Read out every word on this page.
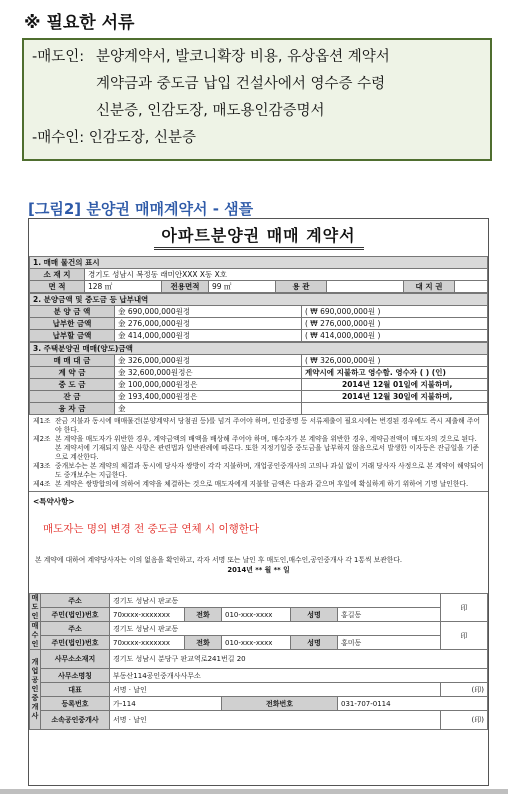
※ 필요한 서류
-매도인: 분양계약서, 발코니확장 비용, 유상옵션 계약서
계약금과 중도금 납입 건설사에서 영수증 수령
신분증, 인감도장, 매도용인감증명서
-매수인:
인감도장, 신분증
[그림2] 분양권 매매계약서 - 샘플
아파트분양권 매매 계약서
1. 매매 물건의 표시							
소 재 지	경기도 성남시 복정동 래미안XXX X동 X호						
면 적	128 ㎡	전용면적	99 ㎡	용 관		대 지 권	
2. 분양금액 및 중도금 등 납부내역		
분 양 금 액	金 690,000,000원정	( ₩ 690,000,000원 )
납부한 금액	金 276,000,000원정	( ₩ 276,000,000원 )
납부할 금액	金 414,000,000원정	( ₩ 414,000,000원 )
3. 주택분양권 매매(양도)금액		
매 매 대 금	金 326,000,000원정	( ₩ 326,000,000원 )
계 약 금	金 32,600,000원정은	계약시에 지불하고 영수함. 영수자 ( ) (인)
중 도 금	金 100,000,000원정은	2014년 12월 01일에 지불하며,
잔 금	金 193,400,000원정은	2014년 12월 30일에 지불하며,
융 자 금	金	
제1조 잔금 지불과 동시에 매매물건(분양계약서 당첨권 등)를 넘겨 주어야 하며, 인감증명 등 서류제출이 필요시에는 번경된 경우에도 즉시 제출해 주어야 한다.
제2조 본 계약을 매도자가 위반한 경우, 계약금액의 배액을 배상해 주어야 하며, 매수자가 본 계약을 위반한 경우, 계약금전액이 매도자의 것으로 된다. 본 계약서에 기재되지 않은 사항은 관련법과 일반관례에 따른다. 또한 지정기일중 중도금을 납부하지 않음으로서 발생한 이자등은 잔금일을 기준으로 계산한다.
제3조 중개보수는 본 계약의 체결과 동시에 당사자 쌍방이 각각 지불하며, 개업공인중개사의 고의나 과실 없이 거래 당사자 사정으로 본 계약이 해약되어도 중개보수는 지급한다.
제4조 본 계약은 쌍방합의에 의하여 계약을 체결하는 것으로 매도자에게 지불할 금액은 다음과 같으며 후일에 확실하게 하기 위하여 기명 날인한다.
<특약사항>
매도자는 명의 변경 전 중도금 연체 시 이행한다
본 계약에 대하여 계약당사자는 이의 없음을 확인하고, 각자 서명 또는 날인 후 매도인,매수인,공인중개사 각 1통씩 보관한다.
2014년 ** 월 ** 일
매도인	주소	경기도 성남시 판교동					印
	주민(법인)번호	70xxxx-xxxxxxx	전화	010-xxx-xxxx	성명	홍길동	
매수인	주소	경기도 성남시 판교동					印
	주민(법인)번호	70xxxx-xxxxxxx	전화	010-xxx-xxxx	성명	홍미동	
개업공인중개사	사무소소재지	경기도 성남시 분당구 판교역로241번길 20					
	사무소명칭	부동산114공인중개사사무소					
	대표	서명 · 날인					(印)
	등록번호	가-114		전화번호		031-707-0114	
	소속공인중개사	서명 · 날인					(印)
